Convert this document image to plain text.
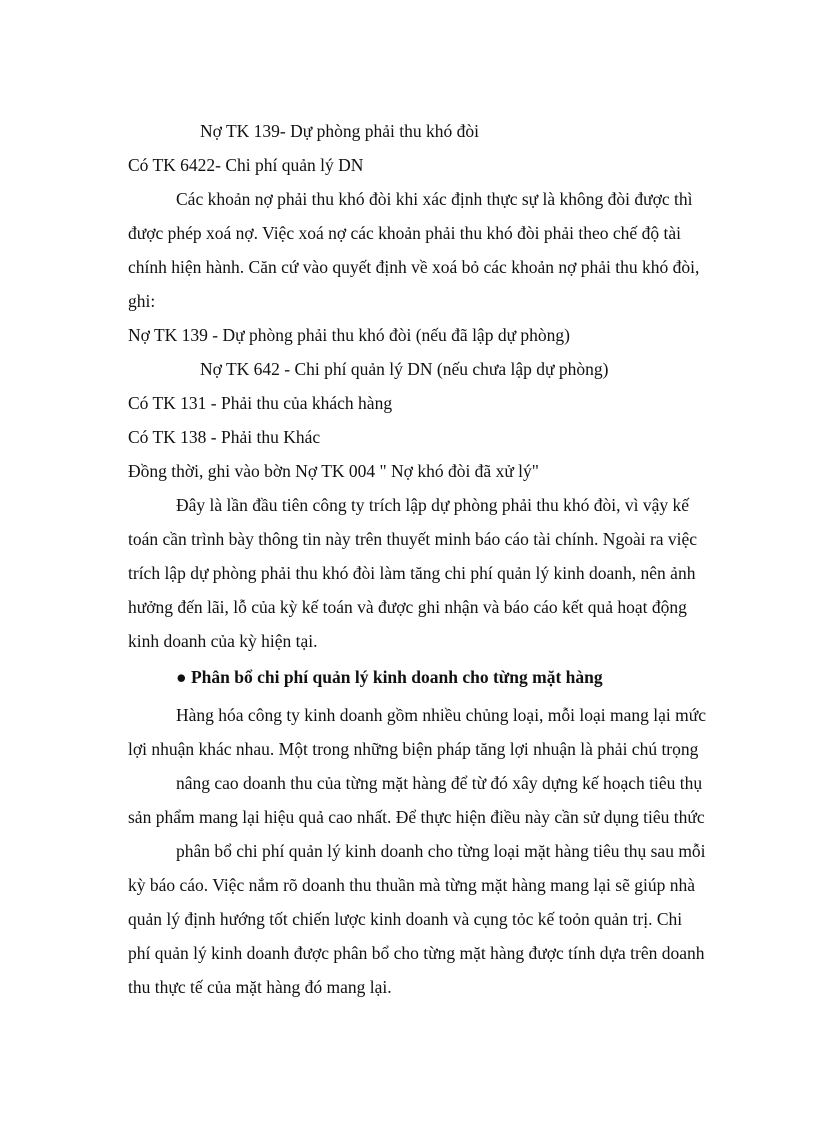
Nợ TK 139- Dự phòng phải thu khó đòi
Có TK 6422- Chi phí quản lý DN
Các khoản nợ phải thu khó đòi khi xác định thực sự là không đòi được thì
được phép xoá nợ. Việc xoá nợ các khoản phải thu khó đòi phải theo chế độ tài
chính hiện hành. Căn cứ vào quyết định về xoá bỏ các khoản nợ phải thu khó đòi,
ghi:
Nợ TK 139 - Dự phòng phải thu khó đòi (nếu đã lập dự phòng)
Nợ TK 642 - Chi phí quản lý DN (nếu chưa lập dự phòng)
Có TK 131 - Phải thu của khách hàng
Có TK 138 - Phải thu Khác
Đồng thời, ghi vào bờn Nợ TK 004 " Nợ khó đòi đã xử lý"
Đây là lần đầu tiên công ty trích lập dự phòng phải thu khó đòi, vì vậy kế
toán cần trình bày thông tin này trên thuyết minh báo cáo tài chính. Ngoài ra việc
trích lập dự phòng phải thu khó đòi làm tăng chi phí quản lý kinh doanh, nên ảnh
hưởng đến lãi, lỗ của kỳ kế toán và được ghi nhận và báo cáo kết quả hoạt động
kinh doanh của kỳ hiện tại.
● Phân bổ chi phí quản lý kinh doanh cho từng mặt hàng
Hàng hóa công ty kinh doanh gồm nhiều chủng loại, mỗi loại mang lại mức
lợi nhuận khác nhau. Một trong những biện pháp tăng lợi nhuận là phải chú trọng
nâng cao doanh thu của từng mặt hàng để từ đó xây dựng kế hoạch tiêu thụ
sản phẩm mang lại hiệu quả cao nhất. Để thực hiện điều này cần sử dụng tiêu thức
phân bổ chi phí quản lý kinh doanh cho từng loại mặt hàng tiêu thụ sau mỗi
kỳ báo cáo. Việc nắm rõ doanh thu thuần mà từng mặt hàng mang lại sẽ giúp nhà
quản lý định hướng tốt chiến lược kinh doanh và cụng tỏc kế toỏn quản trị. Chi
phí quản lý kinh doanh được phân bổ cho từng mặt hàng được tính dựa trên doanh
thu thực tế của mặt hàng đó mang lại.
